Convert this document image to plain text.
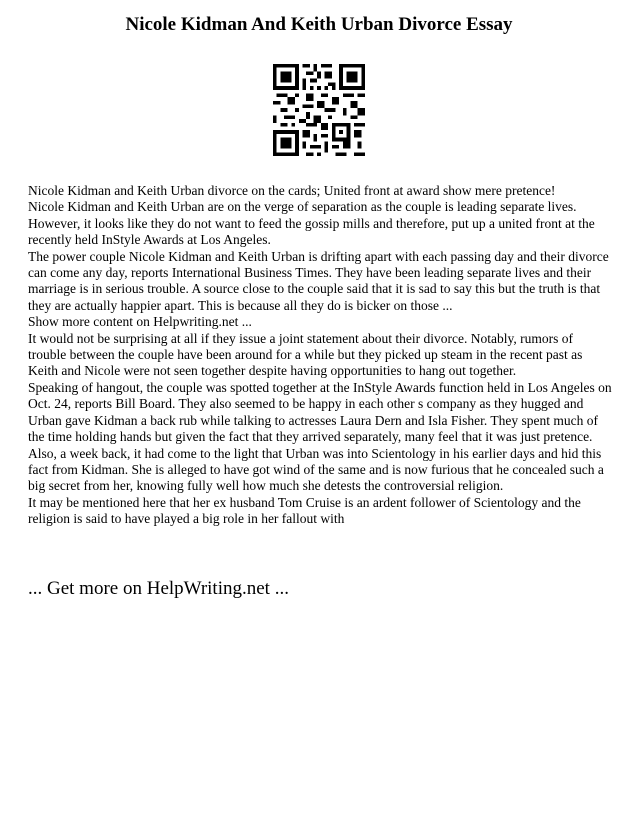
Nicole Kidman And Keith Urban Divorce Essay

Nicole Kidman and Keith Urban divorce on the cards; United front at award show mere pretence!

Nicole Kidman and Keith Urban are on the verge of separation as the couple is leading separate lives. However, it looks like they do not want to feed the gossip mills and therefore, put up a united front at the recently held InStyle Awards at Los Angeles.

The power couple Nicole Kidman and Keith Urban is drifting apart with each passing day and their divorce can come any day, reports International Business Times. They have been leading separate lives and their marriage is in serious trouble. A source close to the couple said that it is sad to say this but the truth is that they are actually happier apart. This is because all they do is bicker on those ...

Show more content on Helpwriting.net ...

It would not be surprising at all if they issue a joint statement about their divorce. Notably, rumors of trouble between the couple have been around for a while but they picked up steam in the recent past as Keith and Nicole were not seen together despite having opportunities to hang out together.

Speaking of hangout, the couple was spotted together at the InStyle Awards function held in Los Angeles on Oct. 24, reports Bill Board. They also seemed to be happy in each other s company as they hugged and Urban gave Kidman a back rub while talking to actresses Laura Dern and Isla Fisher. They spent much of the time holding hands but given the fact that they arrived separately, many feel that it was just pretence.

Also, a week back, it had come to the light that Urban was into Scientology in his earlier days and hid this fact from Kidman. She is alleged to have got wind of the same and is now furious that he concealed such a big secret from her, knowing fully well how much she detests the controversial religion.

It may be mentioned here that her ex husband Tom Cruise is an ardent follower of Scientology and the religion is said to have played a big role in her fallout with

... Get more on HelpWriting.net ...
